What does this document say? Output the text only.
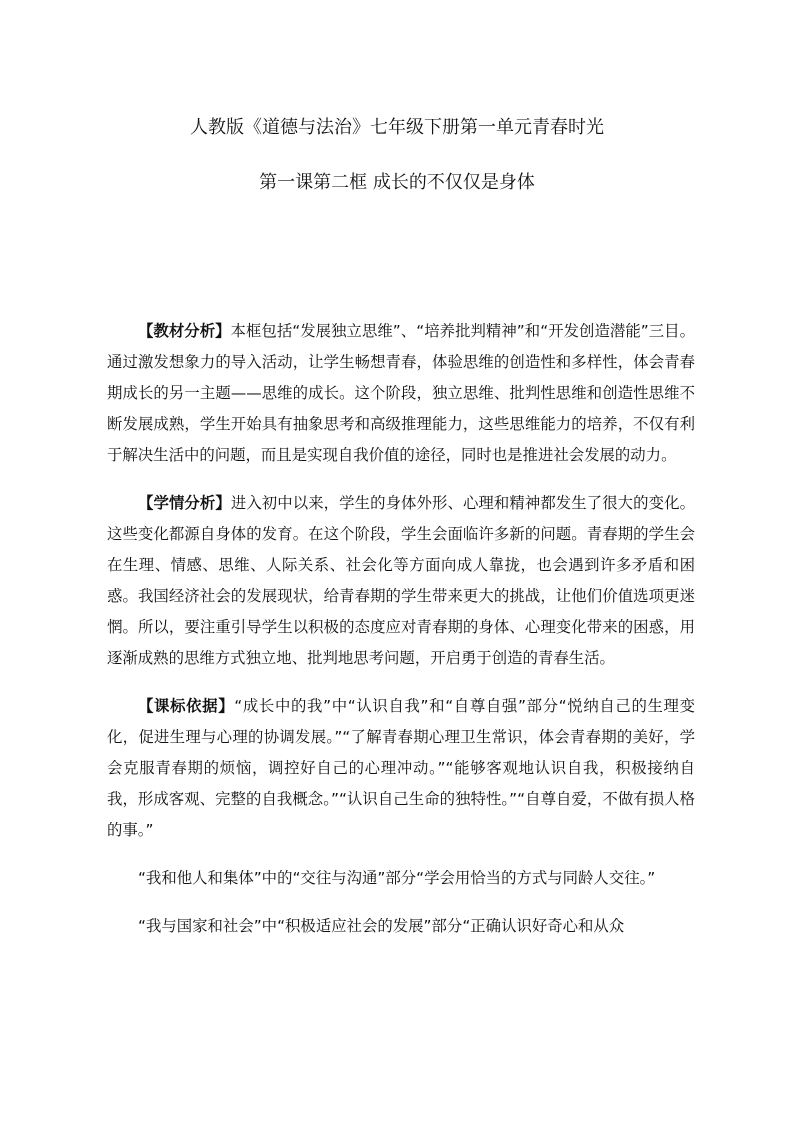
人教版《道德与法治》七年级下册第一单元青春时光
第一课第二框 成长的不仅仅是身体

【教材分析】本框包括“发展独立思维”、“培养批判精神”和“开发创造潜能”三目。通过激发想象力的导入活动，让学生畅想青春，体验思维的创造性和多样性，体会青春期成长的另一主题——思维的成长。这个阶段，独立思维、批判性思维和创造性思维不断发展成熟，学生开始具有抽象思考和高级推理能力，这些思维能力的培养，不仅有利于解决生活中的问题，而且是实现自我价值的途径，同时也是推进社会发展的动力。

【学情分析】进入初中以来，学生的身体外形、心理和精神都发生了很大的变化。这些变化都源自身体的发育。在这个阶段，学生会面临许多新的问题。青春期的学生会在生理、情感、思维、人际关系、社会化等方面向成人靠拢，也会遇到许多矛盾和困惑。我国经济社会的发展现状，给青春期的学生带来更大的挑战，让他们价值选项更迷惘。所以，要注重引导学生以积极的态度应对青春期的身体、心理变化带来的困惑，用逐渐成熟的思维方式独立地、批判地思考问题，开启勇于创造的青春生活。

【课标依据】“成长中的我”中“认识自我”和“自尊自强”部分“悦纳自己的生理变化，促进生理与心理的协调发展。”“了解青春期心理卫生常识，体会青春期的美好，学会克服青春期的烦恼，调控好自己的心理冲动。”“能够客观地认识自我，积极接纳自我，形成客观、完整的自我概念。”“认识自己生命的独特性。”“自尊自爱，不做有损人格的事。”

“我和他人和集体”中的“交往与沟通”部分“学会用恰当的方式与同龄人交往。”

“我与国家和社会”中“积极适应社会的发展”部分“正确认识好奇心和从众
